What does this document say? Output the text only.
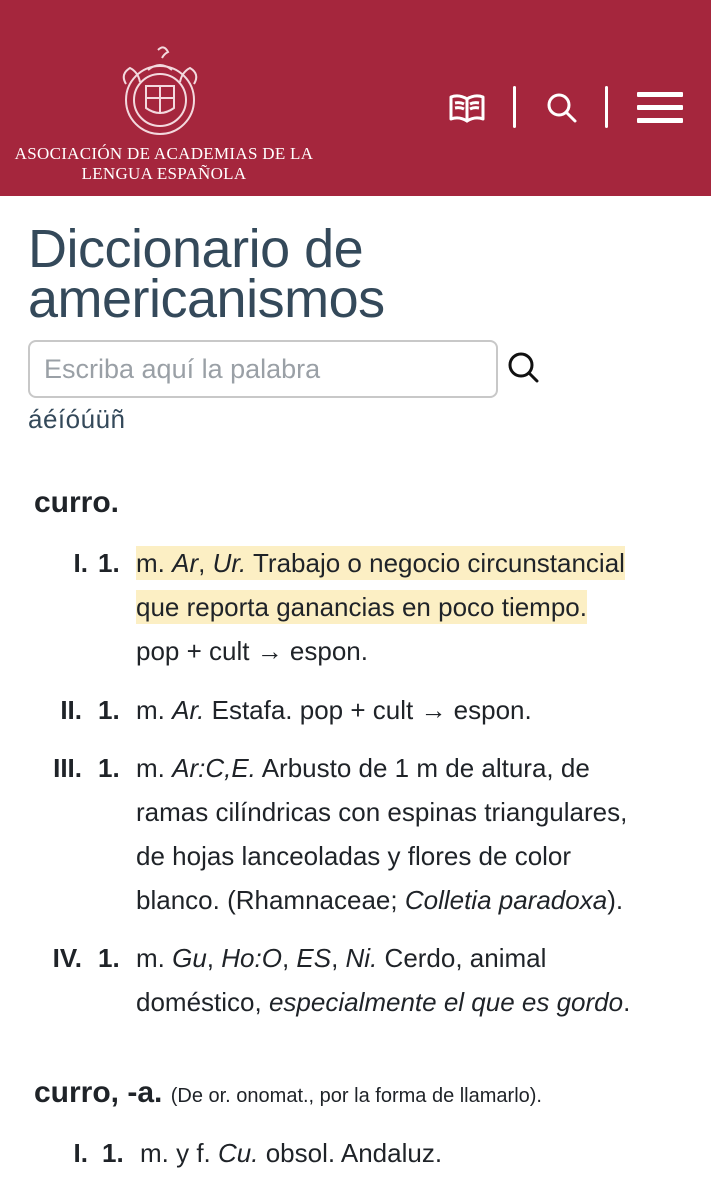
ASOCIACIÓN DE ACADEMIAS DE LA
LENGUA ESPAÑOLA
Diccionario de
americanismos
Escriba aquí la palabra
áéíóúüñ
curro.
I. 1. m. Ar, Ur. Trabajo o negocio circunstancial
que reporta ganancias en poco tiempo.
pop + cult → espon.
II. 1. m. Ar. Estafa. pop + cult → espon.
III. 1. m. Ar:C,E. Arbusto de 1 m de altura, de
ramas cilíndricas con espinas triangulares,
de hojas lanceoladas y flores de color
blanco. (Rhamnaceae; Colletia paradoxa).
IV. 1. m. Gu, Ho:O, ES, Ni. Cerdo, animal
doméstico, especialmente el que es gordo.
curro, -a. (De or. onomat., por la forma de llamarlo).
I. 1. m. y f. Cu. obsol. Andaluz.
